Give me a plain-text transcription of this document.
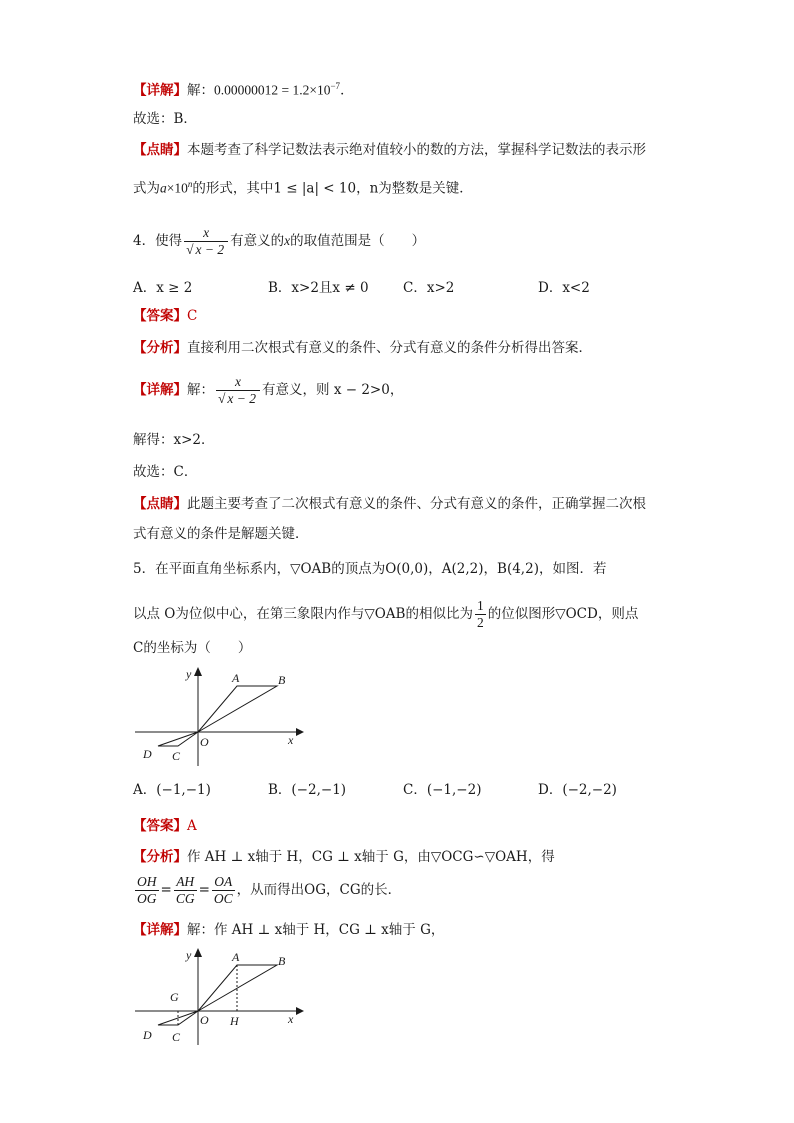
【详解】解：$0.00000012 = 1.2\times 10^{-7}$．
故选：B．
【点睛】本题考查了科学记数法表示绝对值较小的数的方法，掌握科学记数法的表示形
式为$a\times 10^n$的形式，其中1 ≤ |a| < 10，n为整数是关键．
4．使得 $\frac{x}{√ x - 2}$ 有意义的x的取值范围是（　　）
A．x ≥ 2	B．x>2且x ≠ 0	C．x>2	D．x<2
【答案】C
【分析】直接利用二次根式有意义的条件、分式有意义的条件分析得出答案．
【详解】解： $\frac{x}{√ x - 2}$ 有意义，则 x − 2>0，
解得：x>2．
故选：C．
【点睛】此题主要考查了二次根式有意义的条件、分式有意义的条件，正确掌握二次根
式有意义的条件是解题关键．
5．在平面直角坐标系内，▽OAB的顶点为O(0,0)，A(2,2)，B(4,2)，如图．若
以点 O为位似中心，在第三象限内作与▽OAB的相似比为 $\frac{1}{2}$ 的位似图形▽OCD，则点
C的坐标为（　　）
y
x
A	B
O
D C
A．(−1,−1)	B．(−2,−1)	C．(−1,−2)	D．(−2,−2)
【答案】A
【分析】作 AH ⊥ x轴于 H，CG ⊥ x轴于 G，由▽OCG∽▽OAH，得
$\frac{OH}{OG} = \frac{AH}{CG} = \frac{OA}{OC}$ ，从而得出OG，CG的长．
【详解】解：作 AH ⊥ x轴于 H，CG ⊥ x轴于 G，
y
x
A	B
O
D C
G
H
